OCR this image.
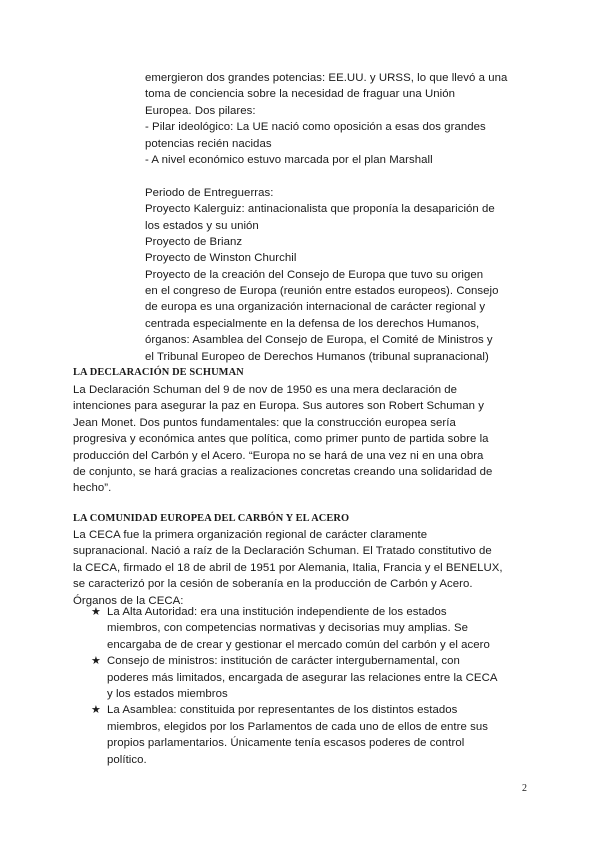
emergieron dos grandes potencias: EE.UU. y URSS, lo que llevó a una
toma de conciencia sobre la necesidad de fraguar una Unión
Europea. Dos pilares:
- Pilar ideológico: La UE nació como oposición a esas dos grandes
potencias recién nacidas
- A nivel económico estuvo marcada por el plan Marshall
Periodo de Entreguerras:
Proyecto Kalerguiz: antinacionalista que proponía la desaparición de
los estados y su unión
Proyecto de Brianz
Proyecto de Winston Churchil
Proyecto de la creación del Consejo de Europa que tuvo su origen
en el congreso de Europa (reunión entre estados europeos). Consejo
de europa es una organización internacional de carácter regional y
centrada especialmente en la defensa de los derechos Humanos,
órganos: Asamblea del Consejo de Europa, el Comité de Ministros y
el Tribunal Europeo de Derechos Humanos (tribunal supranacional)
LA DECLARACIÓN DE SCHUMAN
La Declaración Schuman del 9 de nov de 1950 es una mera declaración de
intenciones para asegurar la paz en Europa. Sus autores son Robert Schuman y
Jean Monet. Dos puntos fundamentales: que la construcción europea sería
progresiva y económica antes que política, como primer punto de partida sobre la
producción del Carbón y el Acero. “Europa no se hará de una vez ni en una obra
de conjunto, se hará gracias a realizaciones concretas creando una solidaridad de
hecho”.
LA COMUNIDAD EUROPEA DEL CARBÓN Y EL ACERO
La CECA fue la primera organización regional de carácter claramente
supranacional. Nació a raíz de la Declaración Schuman. El Tratado constitutivo de
la CECA, firmado el 18 de abril de 1951 por Alemania, Italia, Francia y el BENELUX,
se caracterizó por la cesión de soberanía en la producción de Carbón y Acero.
Órganos de la CECA:
★ La Alta Autoridad: era una institución independiente de los estados
miembros, con competencias normativas y decisorias muy amplias. Se
encargaba de de crear y gestionar el mercado común del carbón y el acero
★ Consejo de ministros: institución de carácter intergubernamental, con
poderes más limitados, encargada de asegurar las relaciones entre la CECA
y los estados miembros
★ La Asamblea: constituida por representantes de los distintos estados
miembros, elegidos por los Parlamentos de cada uno de ellos de entre sus
propios parlamentarios. Únicamente tenía escasos poderes de control
político.
2
